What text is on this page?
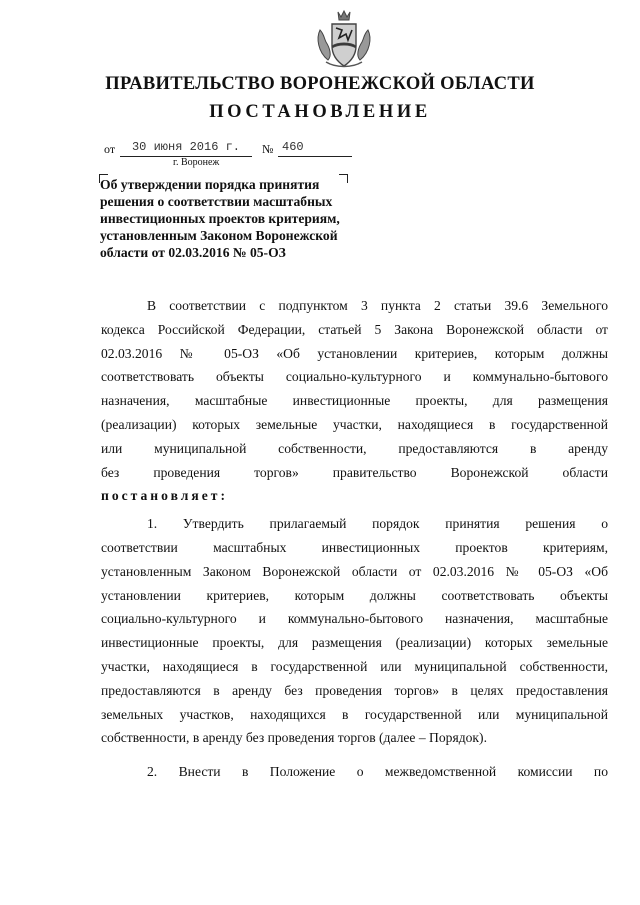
ПРАВИТЕЛЬСТВО ВОРОНЕЖСКОЙ ОБЛАСТИ
ПОСТАНОВЛЕНИЕ
от	30 июня 2016 г.	№ 460
г. Воронеж
Об утверждении порядка принятия
решения о соответствии масштабных
инвестиционных проектов критериям,
установленным Законом Воронежской
области от 02.03.2016 № 05-ОЗ
В соответствии с подпунктом 3 пункта 2 статьи 39.6 Земельного
кодекса Российской Федерации, статьей 5 Закона Воронежской области от
02.03.2016 № 05-ОЗ «Об установлении критериев, которым должны
соответствовать объекты социально-культурного и коммунально-бытового
назначения, масштабные инвестиционные проекты, для размещения
(реализации) которых земельные участки, находящиеся в государственной
или муниципальной собственности, предоставляются в аренду
без проведения торгов» правительство Воронежской области
постановляет:
1. Утвердить прилагаемый порядок принятия решения о
соответствии масштабных инвестиционных проектов критериям,
установленным Законом Воронежской области от 02.03.2016 № 05-ОЗ «Об
установлении критериев, которым должны соответствовать объекты
социально-культурного и коммунально-бытового назначения, масштабные
инвестиционные проекты, для размещения (реализации) которых земельные
участки, находящиеся в государственной или муниципальной собственности,
предоставляются в аренду без проведения торгов» в целях предоставления
земельных участков, находящихся в государственной или муниципальной
собственности, в аренду без проведения торгов (далее – Порядок).
2. Внести в Положение о межведомственной комиссии по
